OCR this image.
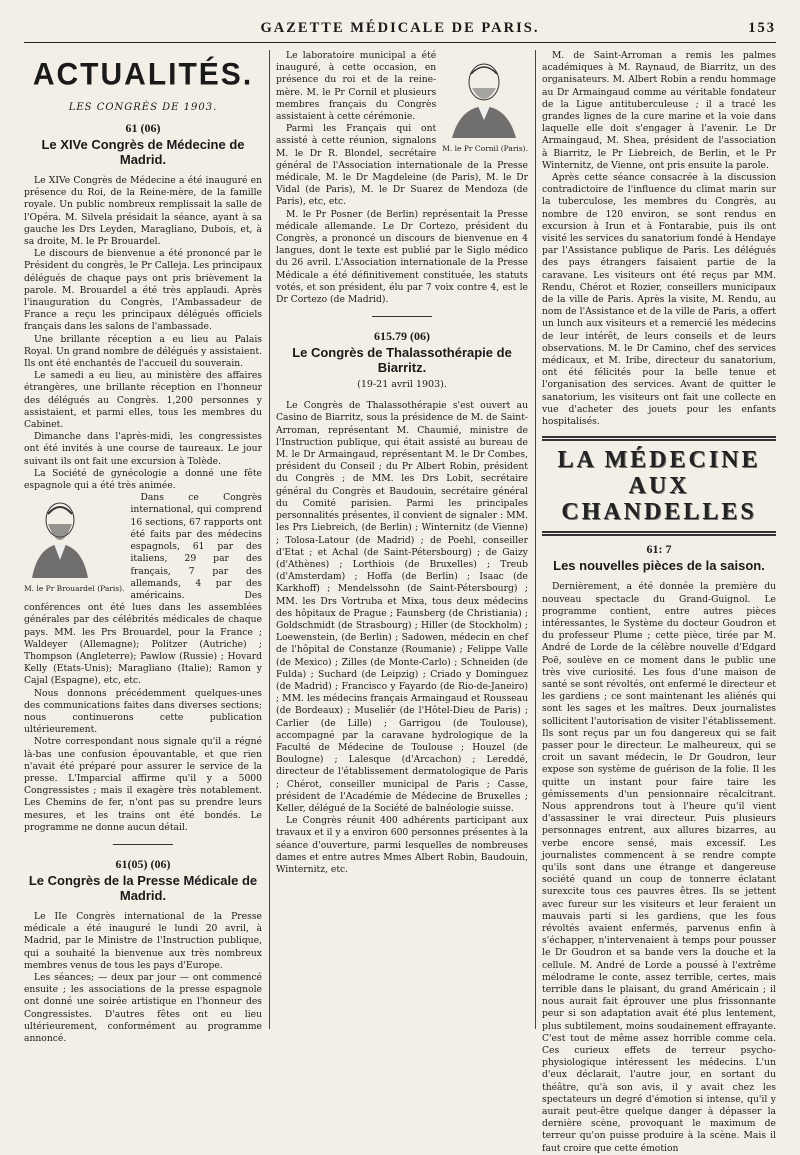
GAZETTE MÉDICALE DE PARIS.	153
ACTUALITÉS.
LES CONGRÈS DE 1903.
61 (06)
Le XIVe Congrès de Médecine de Madrid.

Le XIVe Congrès de Médecine a été inauguré en présence du Roi, de la Reine-mère, de la famille royale. Un public nombreux remplissait la salle de l'Opéra. M. Silvela présidait la séance, ayant à sa gauche les Drs Leyden, Maragliano, Dubois, et, à sa droite, M. le Pr Brouardel.

Le discours de bienvenue a été prononcé par le Président du congrès, le Pr Calleja. Les principaux délégués de chaque pays ont pris brièvement la parole. M. Brouardel a été très applaudi. Après l'inauguration du Congrès, l'Ambassadeur de France a reçu les principaux délégués officiels français dans les salons de l'ambassade.

Une brillante réception a eu lieu au Palais Royal. Un grand nombre de délégués y assistaient. Ils ont été enchantés de l'accueil du souverain.

Le samedi a eu lieu, au ministère des affaires étrangères, une brillante réception en l'honneur des délégués au Congrès. 1,200 personnes y assistaient, et parmi elles, tous les membres du Cabinet.

Dimanche dans l'après-midi, les congressistes ont été invités à une course de taureaux. Le jour suivant ils ont fait une excursion à Tolède.

La Société de gynécologie a donné une fête espagnole qui a été très animée.

M. le Pr Brouardel (Paris).

Dans ce Congrès international, qui comprend 16 sections, 67 rapports ont été faits par des médecins espagnols, 61 par des italiens, 29 par des français, 7 par des allemands, 4 par des américains. Des conférences ont été lues dans les assemblées générales par des célébrités médicales de chaque pays. MM. les Prs Brouardel, pour la France ; Waldeyer (Allemagne); Politzer (Autriche) ; Thompson (Angleterre); Pawlow (Russie) ; Hovard Kelly (Etats-Unis); Maragliano (Italie); Ramon y Cajal (Espagne), etc, etc.

Nous donnons précédemment quelques-unes des communications faites dans diverses sections; nous continuerons cette publication ultérieurement.

Notre correspondant nous signale qu'il a régné là-bas une confusion épouvantable, et que rien n'avait été préparé pour assurer le service de la presse. L'Imparcial affirme qu'il y a 5000 Congressistes ; mais il exagère très notablement. Les Chemins de fer, n'ont pas su prendre leurs mesures, et les trains ont été bondés. Le programme ne donne aucun détail.

61(05) (06)
Le Congrès de la Presse Médicale de Madrid.

Le IIe Congrès international de la Presse médicale a été inauguré le lundi 20 avril, à Madrid, par le Ministre de l'Instruction publique, qui a souhaité la bienvenue aux très nombreux membres venus de tous les pays d'Europe.

Les séances; — deux par jour — ont commencé ensuite ; les associations de la presse espagnole ont donné une soirée artistique en l'honneur des Congressistes. D'autres fêtes ont eu lieu ultérieurement, conformément au programme annoncé.

M. le Pr Cornil (Paris).

Le laboratoire municipal a été inauguré, à cette occasion, en présence du roi et de la reine-mère. M. le Pr Cornil et plusieurs membres français du Congrès assistaient à cette cérémonie.

Parmi les Français qui ont assisté à cette réunion, signalons M. le Dr R. Blondel, secrétaire général de l'Association internationale de la Presse médicale, M. le Dr Magdeleine (de Paris), M. le Dr Vidal (de Paris), M. le Dr Suarez de Mendoza (de Paris), etc, etc.

M. le Pr Posner (de Berlin) représentait la Presse médicale allemande. Le Dr Cortezo, président du Congrès, a prononcé un discours de bienvenue en 4 langues, dont le texte est publié par le Siglo médico du 26 avril. L'Association internationale de la Presse Médicale a été définitivement constituée, les statuts votés, et son président, élu par 7 voix contre 4, est le Dr Cortezo (de Madrid).

615.79 (06)
Le Congrès de Thalassothérapie de Biarritz.
(19-21 avril 1903).

Le Congrès de Thalassothérapie s'est ouvert au Casino de Biarritz, sous la présidence de M. de Saint-Arroman, représentant M. Chaumié, ministre de l'Instruction publique, qui était assisté au bureau de M. le Dr Armaingaud, représentant M. le Dr Combes, président du Conseil ; du Pr Albert Robin, président du Congrès ; de MM. les Drs Lobit, secrétaire général du Congrès et Baudouin, secrétaire général du Comité parisien. Parmi les principales personnalités présentes, il convient de signaler : MM. les Prs Liebreich, (de Berlin) ; Winternitz (de Vienne) ; Tolosa-Latour (de Madrid) ; de Poehl, conseiller d'Etat ; et Achal (de Saint-Pétersbourg) ; de Gaizy (d'Athènes) ; Lorthiois (de Bruxelles) ; Treub (d'Amsterdam) ; Hoffa (de Berlin) ; Isaac (de Karkhoff) ; Mendelssohn (de Saint-Pétersbourg) ; MM. les Drs Vortruba et Mixa, tous deux médecins des hôpitaux de Prague ; Faunsberg (de Christiania) ; Goldschmidt (de Strasbourg) ; Hiller (de Stockholm) ; Loewenstein, (de Berlin) ; Sadowen, médecin en chef de l'hôpital de Constanze (Roumanie) ; Felippe Valle (de Mexico) ; Zilles (de Monte-Carlo) ; Schneiden (de Fulda) ; Suchard (de Leipzig) ; Criado y Dominguez (de Madrid) ; Francisco y Fayardo (de Rio-de-Janeiro) ; MM. les médecins français Armaingaud et Rousseau (de Bordeaux) ; Museliér (de l'Hôtel-Dieu de Paris) ; Carlier (de Lille) ; Garrigou (de Toulouse), accompagné par la caravane hydrologique de la Faculté de Médecine de Toulouse ; Houzel (de Boulogne) ; Lalesque (d'Arcachon) ; Lereddé, directeur de l'établissement dermatologique de Paris ; Chérot, conseiller municipal de Paris ; Casse, président de l'Académie de Médecine de Bruxelles ; Keller, délégué de la Société de balnéologie suisse.

Le Congrès réunit 400 adhérents participant aux travaux et il y a environ 600 personnes présentes à la séance d'ouverture, parmi lesquelles de nombreuses dames et entre autres Mmes Albert Robin, Baudouin, Winternitz, etc.

M. de Saint-Arroman a remis les palmes académiques à M. Raynaud, de Biarritz, un des organisateurs. M. Albert Robin a rendu hommage au Dr Armaingaud comme au véritable fondateur de la Ligue antituberculeuse ; il a tracé les grandes lignes de la cure marine et la voie dans laquelle elle doit s'engager à l'avenir. Le Dr Armaingaud, M. Shea, président de l'association à Biarritz, le Pr Liebreich, de Berlin, et le Pr Winternitz, de Vienne, ont pris ensuite la parole.

Après cette séance consacrée à la discussion contradictoire de l'influence du climat marin sur la tuberculose, les membres du Congrès, au nombre de 120 environ, se sont rendus en excursion à Irun et à Fontarabie, puis ils ont visité les services du sanatorium fondé à Hendaye par l'Assistance publique de Paris. Les délégués des pays étrangers faisaient partie de la caravane. Les visiteurs ont été reçus par MM. Rendu, Chérot et Rozier, conseillers municipaux de la ville de Paris. Après la visite, M. Rendu, au nom de l'Assistance et de la ville de Paris, a offert un lunch aux visiteurs et a remercié les médecins de leur intérêt, de leurs conseils et de leurs observations. M. le Dr Camino, chef des services médicaux, et M. Iribe, directeur du sanatorium, ont été félicités pour la belle tenue et l'organisation des services. Avant de quitter le sanatorium, les visiteurs ont fait une collecte en vue d'acheter des jouets pour les enfants hospitalisés.

LA MÉDECINE
AUX CHANDELLES
61: 7
Les nouvelles pièces de la saison.

Dernièrement, a été donnée la première du nouveau spectacle du Grand-Guignol. Le programme contient, entre autres pièces intéressantes, le Système du docteur Goudron et du professeur Plume ; cette pièce, tirée par M. André de Lorde de la célèbre nouvelle d'Edgard Poë, soulève en ce moment dans le public une très vive curiosité. Les fous d'une maison de santé se sont révoltés, ont enfermé le directeur et les gardiens ; ce sont maintenant les aliénés qui sont les sages et les maîtres. Deux journalistes sollicitent l'autorisation de visiter l'établissement. Ils sont reçus par un fou dangereux qui se fait passer pour le directeur. Le malheureux, qui se croit un savant médecin, le Dr Goudron, leur expose son système de guérison de la folie. Il les quitte un instant pour faire taire les gémissements d'un pensionnaire récalcitrant. Nous apprendrons tout à l'heure qu'il vient d'assassiner le vrai directeur. Puis plusieurs personnages entrent, aux allures bizarres, au verbe encore sensé, mais excessif. Les journalistes commencent à se rendre compte qu'ils sont dans une étrange et dangereuse société quand un coup de tonnerre éclatant surexcite tous ces pauvres êtres. Ils se jettent avec fureur sur les visiteurs et leur feraient un mauvais parti si les gardiens, que les fous révoltés avaient enfermés, parvenus enfin à s'échapper, n'intervenaient à temps pour pousser le Dr Goudron et sa bande vers la douche et la cellule. M. André de Lorde a poussé à l'extrême mélodrame le conte, assez terrible, certes, mais terrible dans le plaisant, du grand Américain ; il nous aurait fait éprouver une plus frissonnante peur si son adaptation avait été plus lentement, plus subtilement, moins soudainement effrayante. C'est tout de même assez horrible comme cela. Ces curieux effets de terreur psycho-physiologique intéressent les médecins. L'un d'eux déclarait, l'autre jour, en sortant du théâtre, qu'à son avis, il y avait chez les spectateurs un degré d'émotion si intense, qu'il y aurait peut-être quelque danger à dépasser la dernière scène, provoquant le maximum de terreur qu'on puisse produire à la scène. Mais il faut croire que cette émotion
